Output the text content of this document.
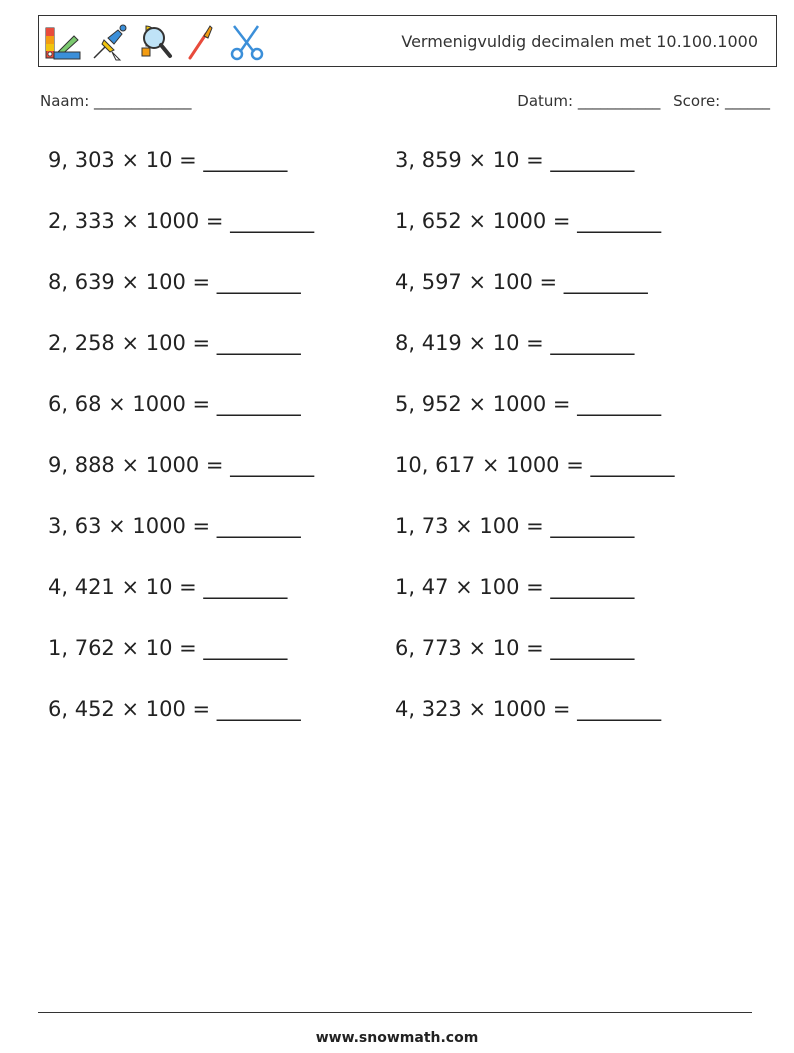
Vermenigvuldig decimalen met 10.100.1000
Naam: _____________	Datum: ___________ Score: ______
9, 303 × 10 = ________	3, 859 × 10 = ________
2, 333 × 1000 = ________	1, 652 × 1000 = ________
8, 639 × 100 = ________	4, 597 × 100 = ________
2, 258 × 100 = ________	8, 419 × 10 = ________
6, 68 × 1000 = ________	5, 952 × 1000 = ________
9, 888 × 1000 = ________	10, 617 × 1000 = ________
3, 63 × 1000 = ________	1, 73 × 100 = ________
4, 421 × 10 = ________	1, 47 × 100 = ________
1, 762 × 10 = ________	6, 773 × 10 = ________
6, 452 × 100 = ________	4, 323 × 1000 = ________
www.snowmath.com
